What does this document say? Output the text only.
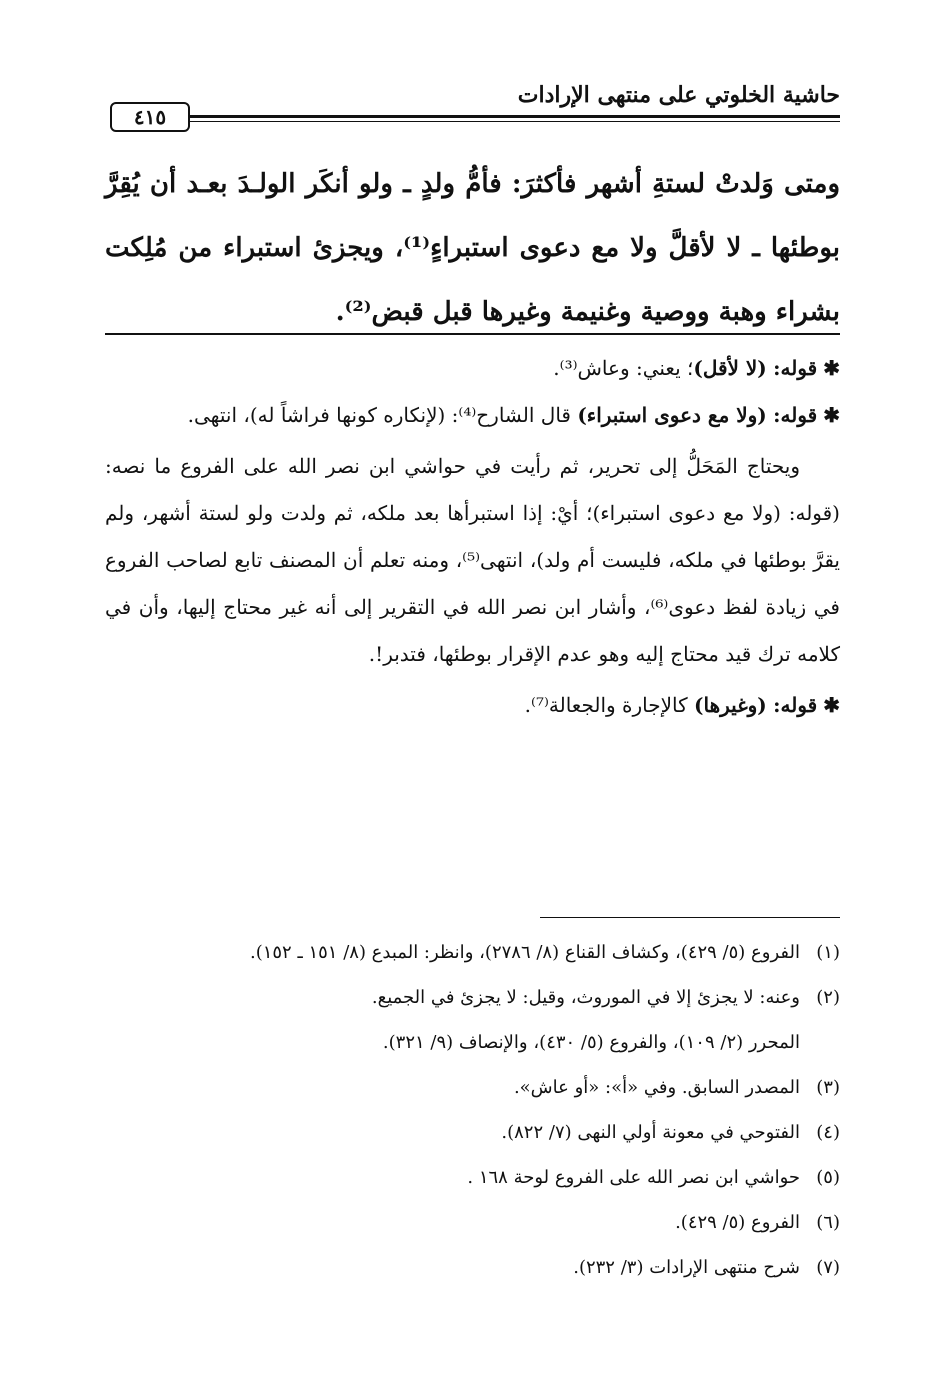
حاشية الخلوتي على منتهى الإرادات
٤١٥
ومتى وَلدتْ لستةِ أشهر فأكثرَ: فأمُّ ولدٍ ـ ولو أنكَر الولـدَ بعـد أن يُقِرَّ بوطئها ـ لا لأقلَّ ولا مع دعوى استبراءٍ⁽¹⁾، ويجزئ استبراء من مُلِكت بشراء وهبة ووصية وغنيمة وغيرها قبل قبض⁽²⁾.

✱قوله: (لا لأقل)؛ يعني: وعاش⁽³⁾.

✱قوله: (ولا مع دعوى استبراء) قال الشارح⁽⁴⁾: (لإنكاره كونها فراشاً له)، انتهى.

ويحتاج المَحَلُّ إلى تحرير، ثم رأيت في حواشي ابن نصر الله على الفروع ما نصه: (قوله: (ولا مع دعوى استبراء)؛ أيْ: إذا استبرأها بعد ملكه، ثم ولدت ولو لستة أشهر، ولم يقرَّ بوطئها في ملكه، فليست أم ولد)، انتهى⁽⁵⁾، ومنه تعلم أن المصنف تابع لصاحب الفروع في زيادة لفظ دعوى⁽⁶⁾، وأشار ابن نصر الله في التقرير إلى أنه غير محتاج إليها، وأن في كلامه ترك قيد محتاج إليه وهو عدم الإقرار بوطئها، فتدبر!.

✱قوله: (وغيرها) كالإجارة والجعالة⁽⁷⁾.

(١)الفروع (٥/ ٤٢٩)، وكشاف القناع (٨/ ٢٧٨٦)، وانظر: المبدع (٨/ ١٥١ ـ ١٥٢).
(٢)وعنه: لا يجزئ إلا في الموروث، وقيل: لا يجزئ في الجميع.
المحرر (٢/ ١٠٩)، والفروع (٥/ ٤٣٠)، والإنصاف (٩/ ٣٢١).
(٣)المصدر السابق. وفي «أ»: «أو عاش».
(٤)الفتوحي في معونة أولي النهى (٧/ ٨٢٢).
(٥)حواشي ابن نصر الله على الفروع لوحة ١٦٨ .
(٦)الفروع (٥/ ٤٢٩).
(٧)شرح منتهى الإرادات (٣/ ٢٣٢).
